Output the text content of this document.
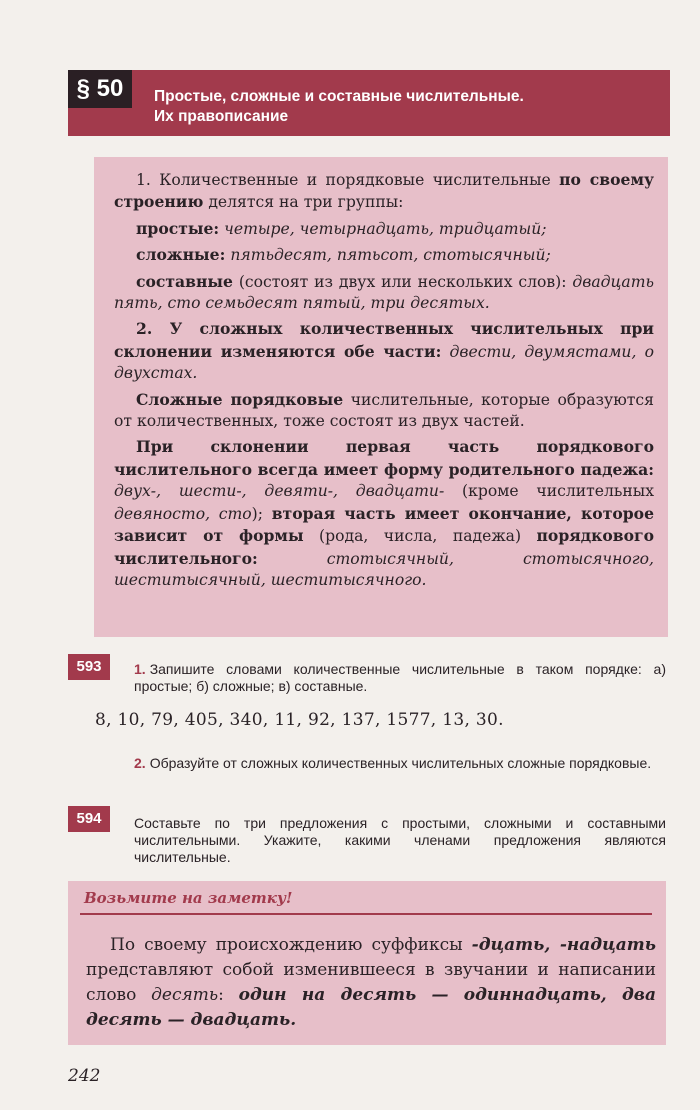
§ 50	Простые, сложные и составные числительные.
Их правописание

1. Количественные и порядковые числительные по своему строению делятся на три группы:

простые: четыре, четырнадцать, тридцатый;

сложные: пятьдесят, пятьсот, стотысячный;

составные (состоят из двух или нескольких слов): двадцать пять, сто семьдесят пятый, три десятых.

2. У сложных количественных числительных при склонении изменяются обе части: двести, двумястами, о двухстах.

Сложные порядковые числительные, которые образуются от количественных, тоже состоят из двух частей.

При склонении первая часть порядкового числительного всегда имеет форму родительного падежа: двух-, шести-, девяти-, двадцати- (кроме числительных девяносто, сто); вторая часть имеет окончание, которое зависит от формы (рода, числа, падежа) порядкового числительного: стотысячный, стотысячного, шеститысячный, шеститысячного.

593	1. Запишите словами количественные числительные в таком порядке: а) простые; б) сложные; в) составные.
8, 10, 79, 405, 340, 11, 92, 137, 1577, 13, 30.
2. Образуйте от сложных количественных числительных сложные порядковые.
594	Составьте по три предложения с простыми, сложными и составными числительными. Укажите, какими членами предложения являются числительные.
Возьмите на заметку!
По своему происхождению суффиксы -дцать, -надцать представляют собой изменившееся в звучании и написании слово десять: один на десять — одиннадцать, два десять — двадцать.
242
